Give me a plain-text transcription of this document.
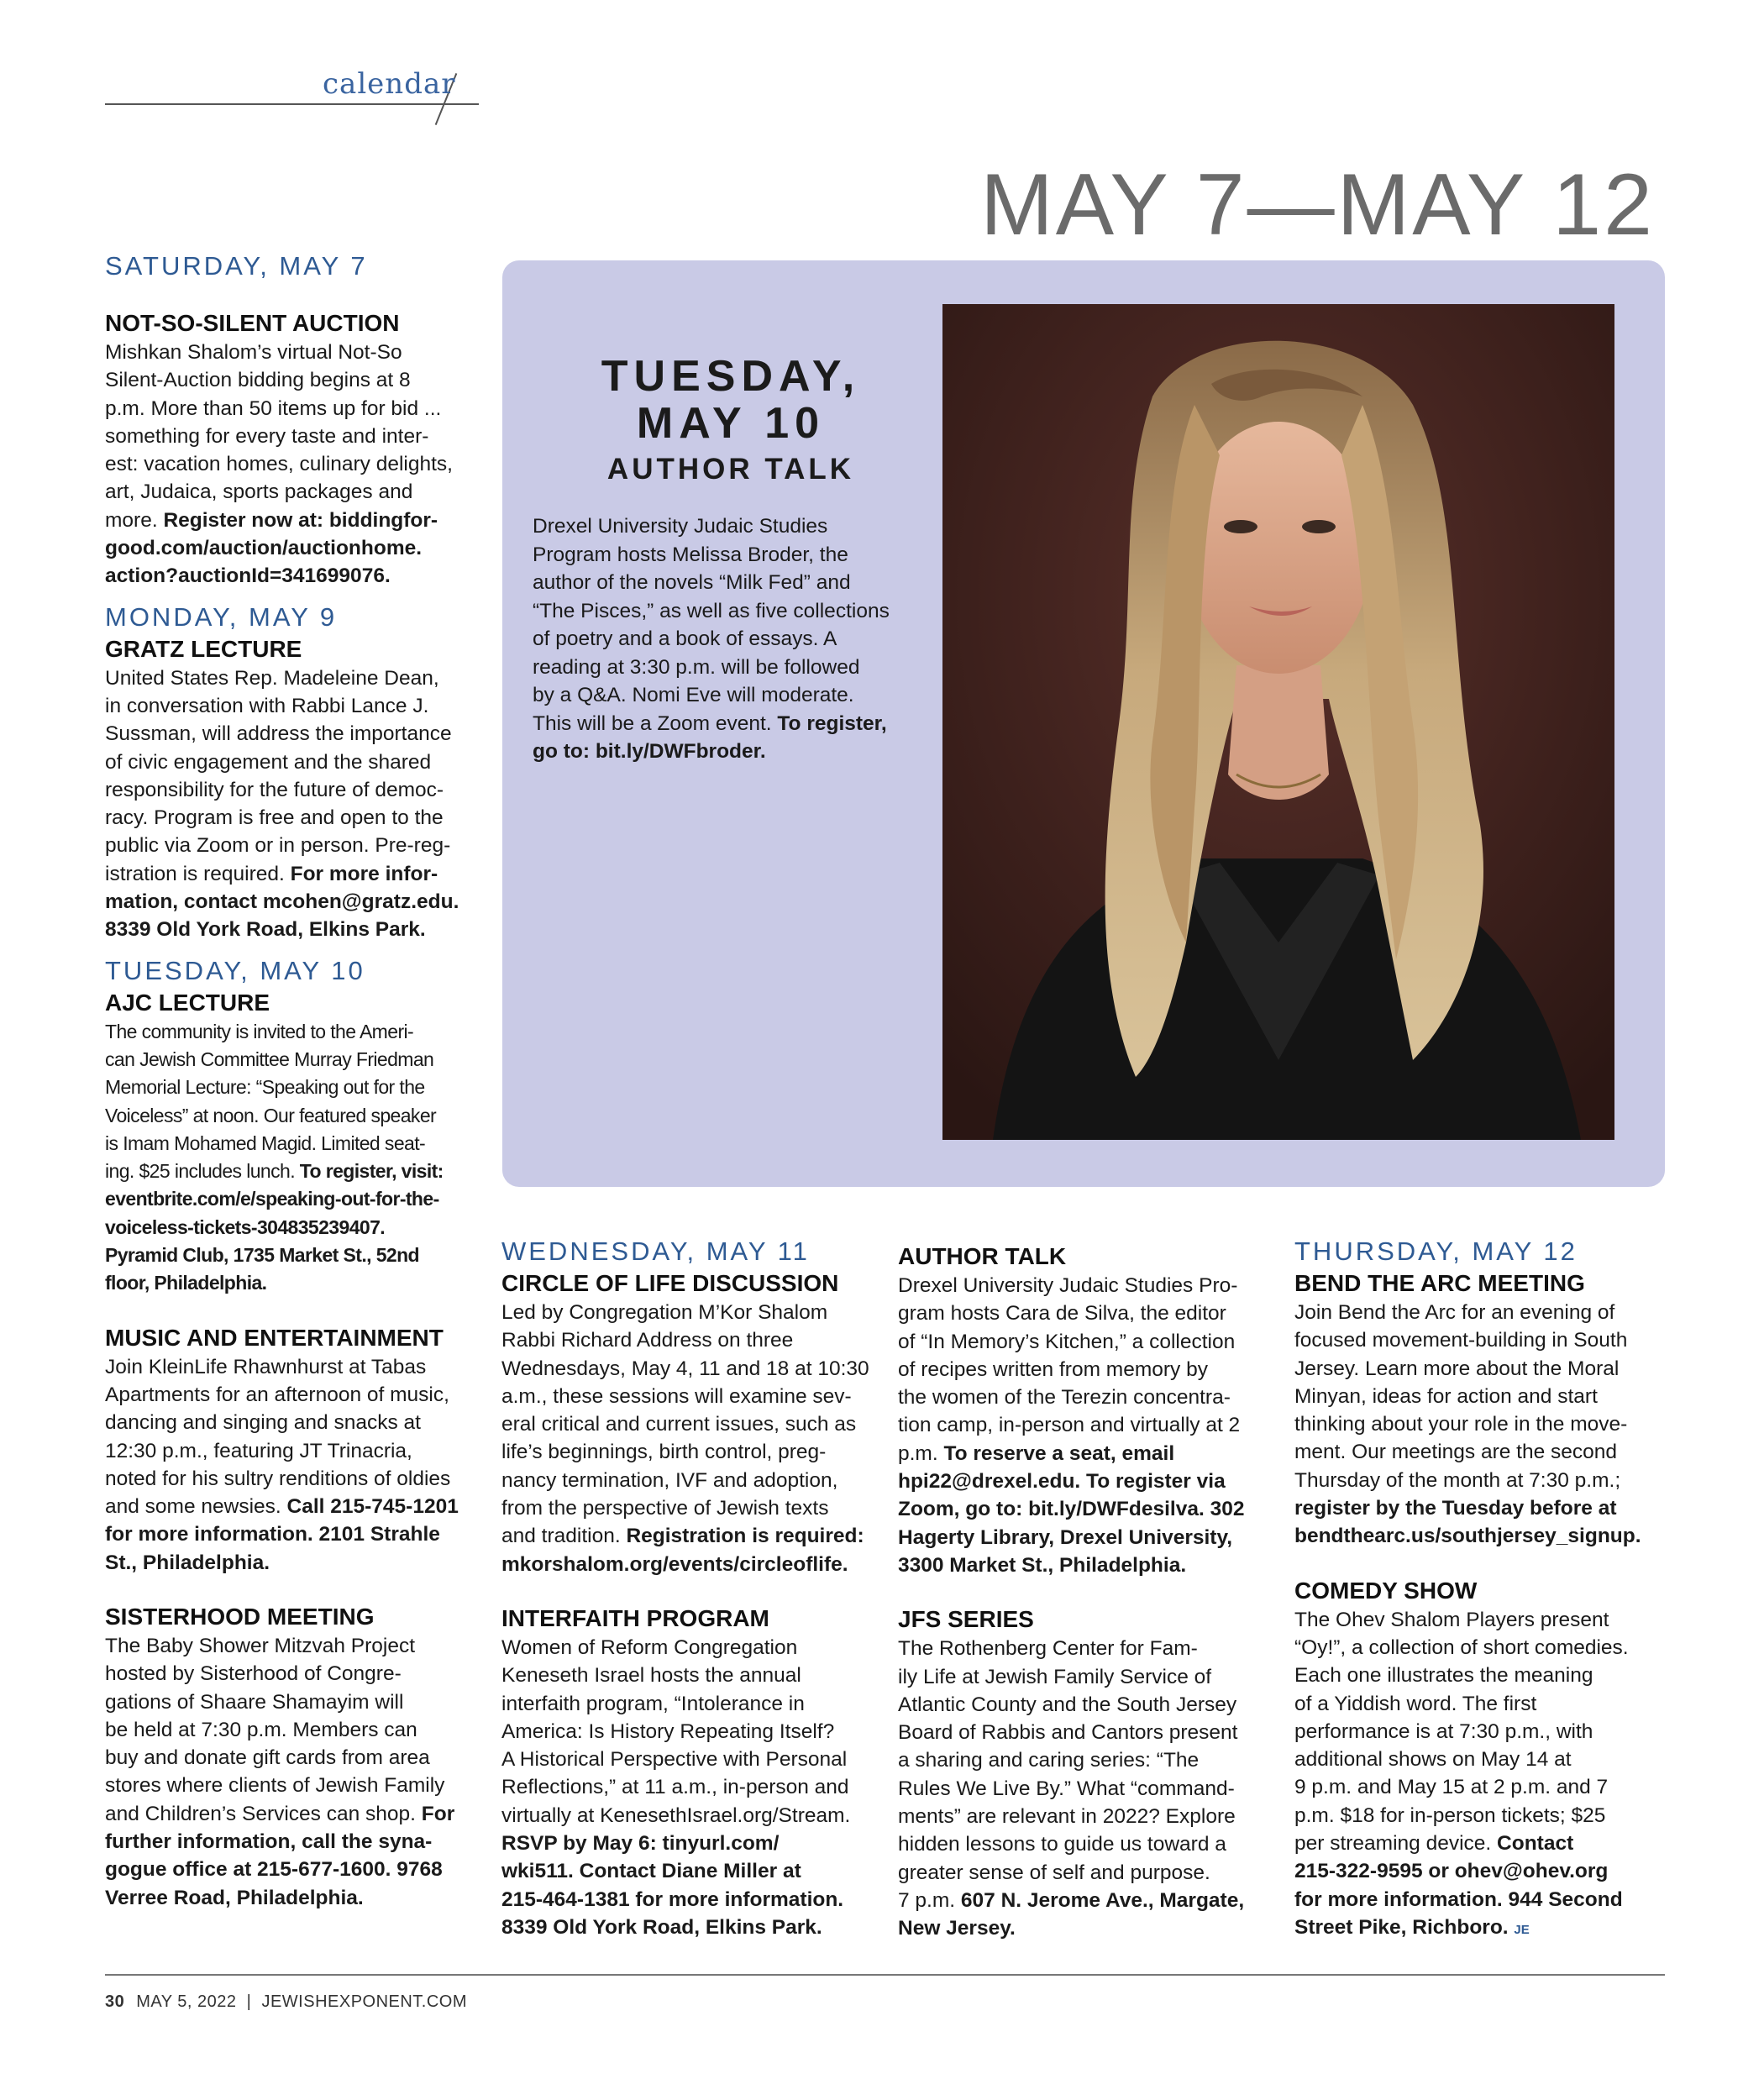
calendar
MAY 7—MAY 12

SATURDAY, MAY 7

NOT-SO-SILENT AUCTION

Mishkan Shalom’s virtual Not-So

Silent-Auction bidding begins at 8

p.m. More than 50 items up for bid ...

something for every taste and inter-

est: vacation homes, culinary delights,

art, Judaica, sports packages and

more. Register now at: biddingfor-

good.com/auction/auctionhome.

action?auctionId=341699076.

MONDAY, MAY 9

GRATZ LECTURE

United States Rep. Madeleine Dean,

in conversation with Rabbi Lance J.

Sussman, will address the importance

of civic engagement and the shared

responsibility for the future of democ-

racy. Program is free and open to the

public via Zoom or in person. Pre-reg-

istration is required. For more infor-

mation, contact mcohen@gratz.edu.

8339 Old York Road, Elkins Park.

TUESDAY, MAY 10

AJC LECTURE

The community is invited to the Ameri-

can Jewish Committee Murray Friedman

Memorial Lecture: “Speaking out for the

Voiceless” at noon. Our featured speaker

is Imam Mohamed Magid. Limited seat-

ing. $25 includes lunch. To register, visit:

eventbrite.com/e/speaking-out-for-the-

voiceless-tickets-304835239407.

Pyramid Club, 1735 Market St., 52nd

floor, Philadelphia.

MUSIC AND ENTERTAINMENT

Join KleinLife Rhawnhurst at Tabas

Apartments for an afternoon of music,

dancing and singing and snacks at

12:30 p.m., featuring JT Trinacria,

noted for his sultry renditions of oldies

and some newsies. Call 215-745-1201

for more information. 2101 Strahle

St., Philadelphia.

SISTERHOOD MEETING

The Baby Shower Mitzvah Project

hosted by Sisterhood of Congre-

gations of Shaare Shamayim will

be held at 7:30 p.m. Members can

buy and donate gift cards from area

stores where clients of Jewish Family

and Children’s Services can shop. For

further information, call the syna-

gogue office at 215-677-1600. 9768

Verree Road, Philadelphia.

TUESDAY,
MAY 10
AUTHOR TALK
Drexel University Judaic Studies
Program hosts Melissa Broder, the
author of the novels “Milk Fed” and
“The Pisces,” as well as five collections
of poetry and a book of essays. A
reading at 3:30 p.m. will be followed
by a Q&A. Nomi Eve will moderate.
This will be a Zoom event. To register,
go to: bit.ly/DWFbroder.

WEDNESDAY, MAY 11

CIRCLE OF LIFE DISCUSSION

Led by Congregation M’Kor Shalom

Rabbi Richard Address on three

Wednesdays, May 4, 11 and 18 at 10:30

a.m., these sessions will examine sev-

eral critical and current issues, such as

life’s beginnings, birth control, preg-

nancy termination, IVF and adoption,

from the perspective of Jewish texts

and tradition. Registration is required:

mkorshalom.org/events/circleoflife.

INTERFAITH PROGRAM

Women of Reform Congregation

Keneseth Israel hosts the annual

interfaith program, “Intolerance in

America: Is History Repeating Itself?

A Historical Perspective with Personal

Reflections,” at 11 a.m., in-person and

virtually at KenesethIsrael.org/Stream.

RSVP by May 6: tinyurl.com/

wki511. Contact Diane Miller at

215-464-1381 for more information.

8339 Old York Road, Elkins Park.

AUTHOR TALK

Drexel University Judaic Studies Pro-

gram hosts Cara de Silva, the editor

of “In Memory’s Kitchen,” a collection

of recipes written from memory by

the women of the Terezin concentra-

tion camp, in-person and virtually at 2

p.m. To reserve a seat, email

hpi22@drexel.edu. To register via

Zoom, go to: bit.ly/DWFdesilva. 302

Hagerty Library, Drexel University,

3300 Market St., Philadelphia.

JFS SERIES

The Rothenberg Center for Fam-

ily Life at Jewish Family Service of

Atlantic County and the South Jersey

Board of Rabbis and Cantors present

a sharing and caring series: “The

Rules We Live By.” What “command-

ments” are relevant in 2022? Explore

hidden lessons to guide us toward a

greater sense of self and purpose.

7 p.m. 607 N. Jerome Ave., Margate,

New Jersey.

THURSDAY, MAY 12

BEND THE ARC MEETING

Join Bend the Arc for an evening of

focused movement-building in South

Jersey. Learn more about the Moral

Minyan, ideas for action and start

thinking about your role in the move-

ment. Our meetings are the second

Thursday of the month at 7:30 p.m.;

register by the Tuesday before at

bendthearc.us/southjersey_signup.

COMEDY SHOW

The Ohev Shalom Players present

“Oy!”, a collection of short comedies.

Each one illustrates the meaning

of a Yiddish word. The first

performance is at 7:30 p.m., with

additional shows on May 14 at

9 p.m. and May 15 at 2 p.m. and 7

p.m. $18 for in-person tickets; $25

per streaming device. Contact

215-322-9595 or ohev@ohev.org

for more information. 944 Second

Street Pike, Richboro. JE

30 MAY 5, 2022  |  JEWISHEXPONENT.COM
